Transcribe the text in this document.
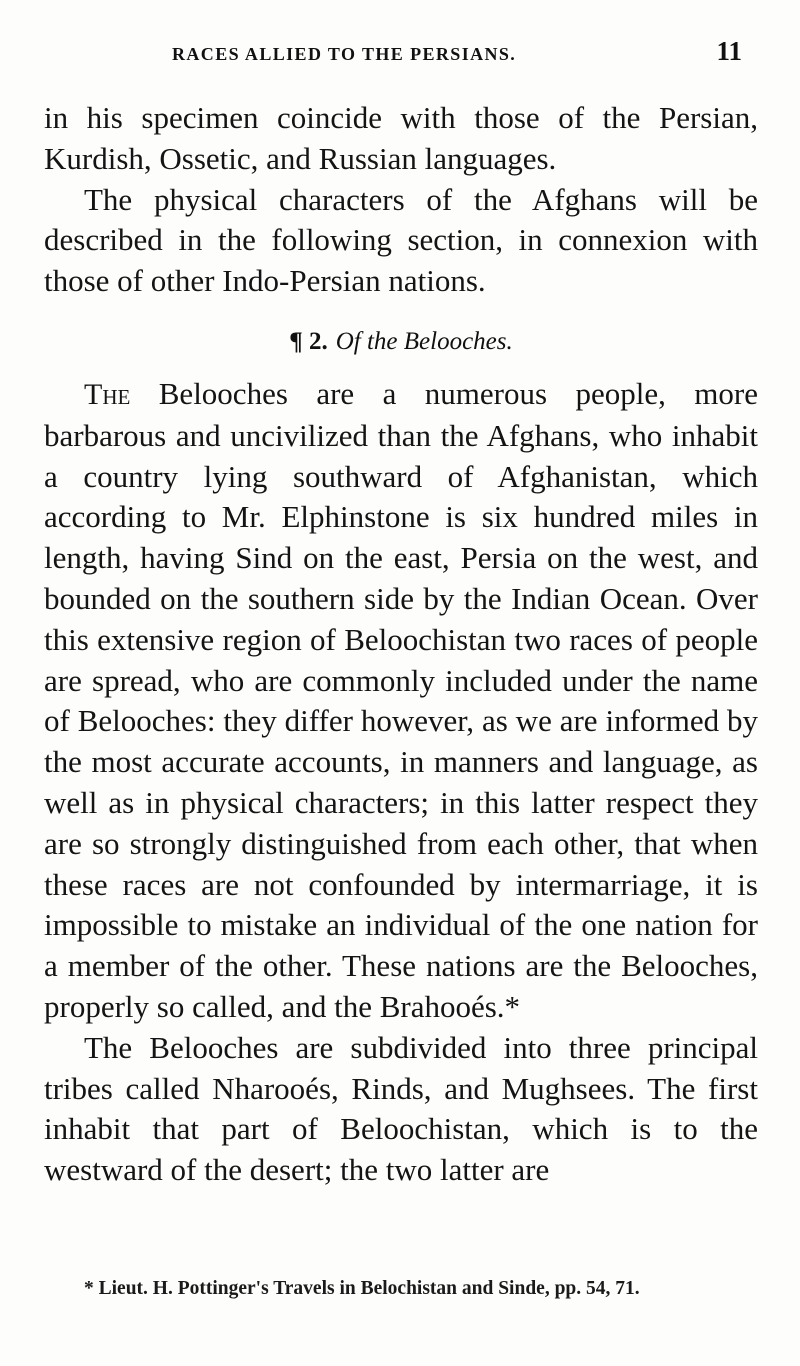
RACES ALLIED TO THE PERSIANS.	11

in his specimen coincide with those of the Persian, Kurdish, Ossetic, and Russian languages.

The physical characters of the Afghans will be described in the following section, in connexion with those of other Indo-Persian nations.

¶ 2. Of the Belooches.

The Belooches are a numerous people, more barbarous and uncivilized than the Afghans, who inhabit a country lying southward of Afghanistan, which according to Mr. Elphinstone is six hundred miles in length, having Sind on the east, Persia on the west, and bounded on the southern side by the Indian Ocean. Over this extensive region of Beloochistan two races of people are spread, who are commonly included under the name of Belooches: they differ however, as we are informed by the most accurate accounts, in manners and language, as well as in physical characters; in this latter respect they are so strongly distinguished from each other, that when these races are not confounded by intermarriage, it is impossible to mistake an individual of the one nation for a member of the other. These nations are the Belooches, properly so called, and the Brahooés.*

The Belooches are subdivided into three principal tribes called Nharooés, Rinds, and Mughsees. The first inhabit that part of Beloochistan, which is to the westward of the desert; the two latter are

* Lieut. H. Pottinger's Travels in Belochistan and Sinde, pp. 54, 71.
